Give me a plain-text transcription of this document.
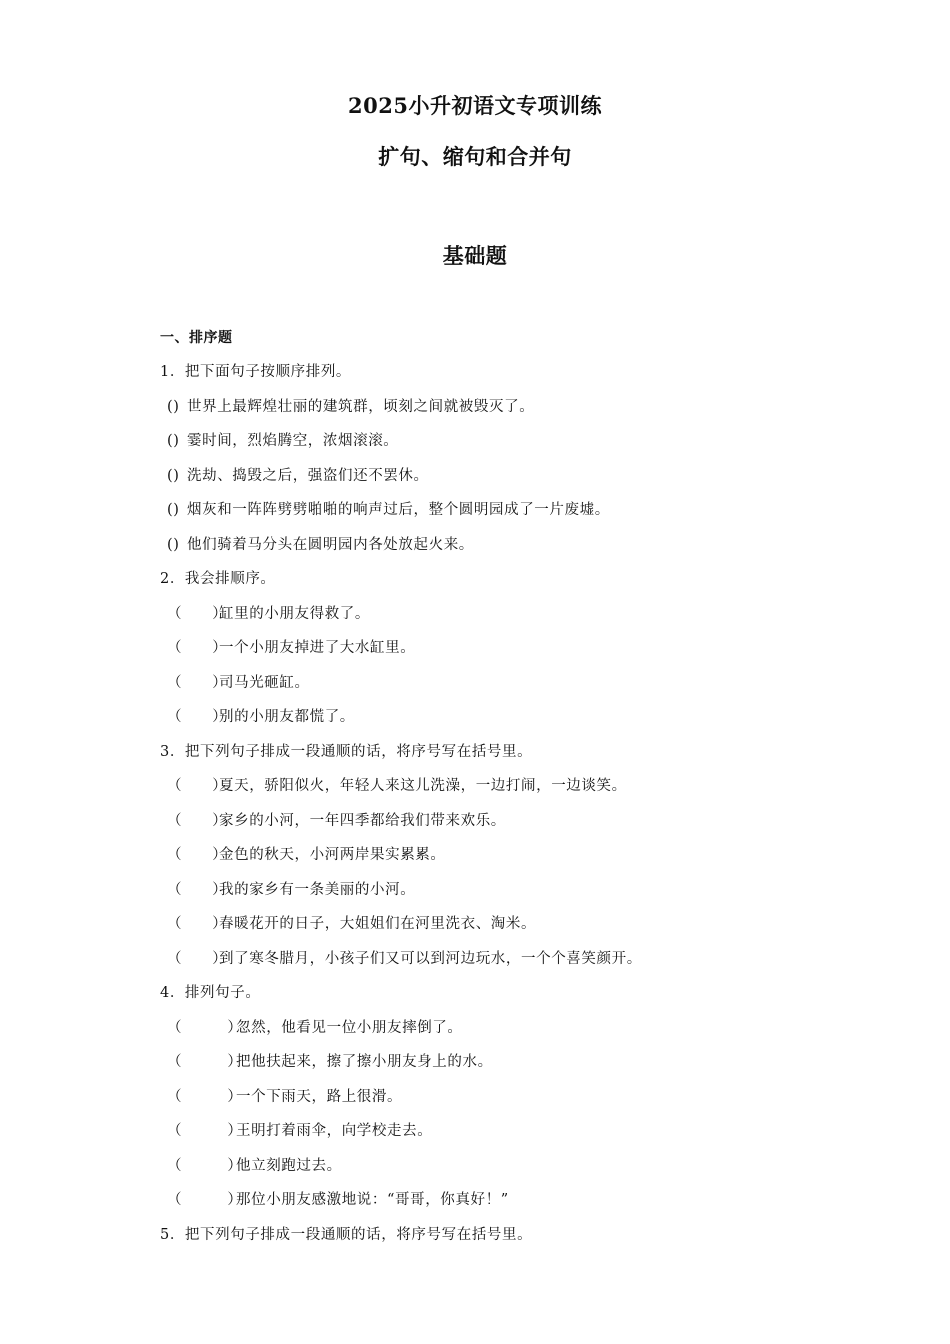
2025小升初语文专项训练
扩句、缩句和合并句
基础题
一、排序题
1．把下面句子按顺序排列。
() 世界上最辉煌壮丽的建筑群，顷刻之间就被毁灭了。
() 霎时间，烈焰腾空，浓烟滚滚。
() 洗劫、捣毁之后，强盗们还不罢休。
() 烟灰和一阵阵劈劈啪啪的响声过后，整个圆明园成了一片废墟。
() 他们骑着马分头在圆明园内各处放起火来。
2．我会排顺序。
（　　）缸里的小朋友得救了。
（　　）一个小朋友掉进了大水缸里。
（　　）司马光砸缸。
（　　）别的小朋友都慌了。
3．把下列句子排成一段通顺的话，将序号写在括号里。
（　　）夏天，骄阳似火，年轻人来这儿洗澡，一边打闹，一边谈笑。
（　　）家乡的小河，一年四季都给我们带来欢乐。
（　　）金色的秋天，小河两岸果实累累。
（　　）我的家乡有一条美丽的小河。
（　　）春暖花开的日子，大姐姐们在河里洗衣、淘米。
（　　）到了寒冬腊月，小孩子们又可以到河边玩水，一个个喜笑颜开。
4．排列句子。
（　　　）忽然，他看见一位小朋友摔倒了。
（　　　）把他扶起来，擦了擦小朋友身上的水。
（　　　）一个下雨天，路上很滑。
（　　　）王明打着雨伞，向学校走去。
（　　　）他立刻跑过去。
（　　　）那位小朋友感激地说：“哥哥，你真好！”
5．把下列句子排成一段通顺的话，将序号写在括号里。
